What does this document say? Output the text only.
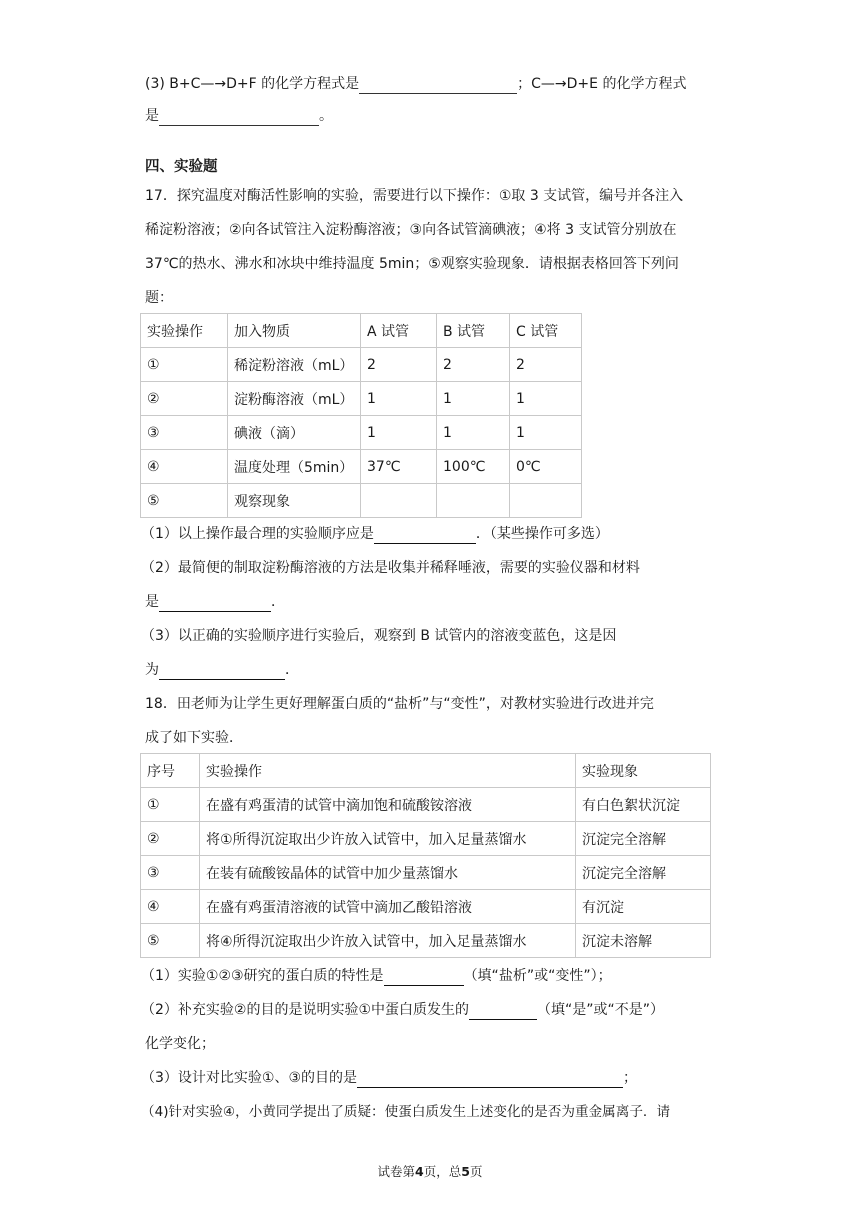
(3) B+C—→D+F 的化学方程式是	；C—→D+E 的化学方程式
是	。
四、实验题
17．探究温度对酶活性影响的实验，需要进行以下操作：①取 3 支试管，编号并各注入
稀淀粉溶液；②向各试管注入淀粉酶溶液；③向各试管滴碘液；④将 3 支试管分别放在
37℃的热水、沸水和冰块中维持温度 5min；⑤观察实验现象．请根据表格回答下列问
题：
实验操作	加入物质	A 试管	B 试管	C 试管
①	稀淀粉溶液（mL）	2	2	2
②	淀粉酶溶液（mL）	1	1	1
③	碘液（滴）	1	1	1
④	温度处理（5min）	37℃	100℃	0℃
⑤	观察现象			
（1）以上操作最合理的实验顺序应是	．（某些操作可多选）
（2）最简便的制取淀粉酶溶液的方法是收集并稀释唾液，需要的实验仪器和材料
是	．
（3）以正确的实验顺序进行实验后，观察到 B 试管内的溶液变蓝色，这是因
为	．
18．田老师为让学生更好理解蛋白质的“盐析”与“变性”，对教材实验进行改进并完
成了如下实验．
序号	实验操作	实验现象
①	在盛有鸡蛋清的试管中滴加饱和硫酸铵溶液	有白色絮状沉淀
②	将①所得沉淀取出少许放入试管中，加入足量蒸馏水	沉淀完全溶解
③	在装有硫酸铵晶体的试管中加少量蒸馏水	沉淀完全溶解
④	在盛有鸡蛋清溶液的试管中滴加乙酸铅溶液	有沉淀
⑤	将④所得沉淀取出少许放入试管中，加入足量蒸馏水	沉淀未溶解
（1）实验①②③研究的蛋白质的特性是	（填“盐析”或“变性”）；
（2）补充实验②的目的是说明实验①中蛋白质发生的	（填“是”或“不是”）
化学变化；
（3）设计对比实验①、③的目的是	；
（4)针对实验④，小黄同学提出了质疑：使蛋白质发生上述变化的是否为重金属离子．请
试卷第4页，总5页
